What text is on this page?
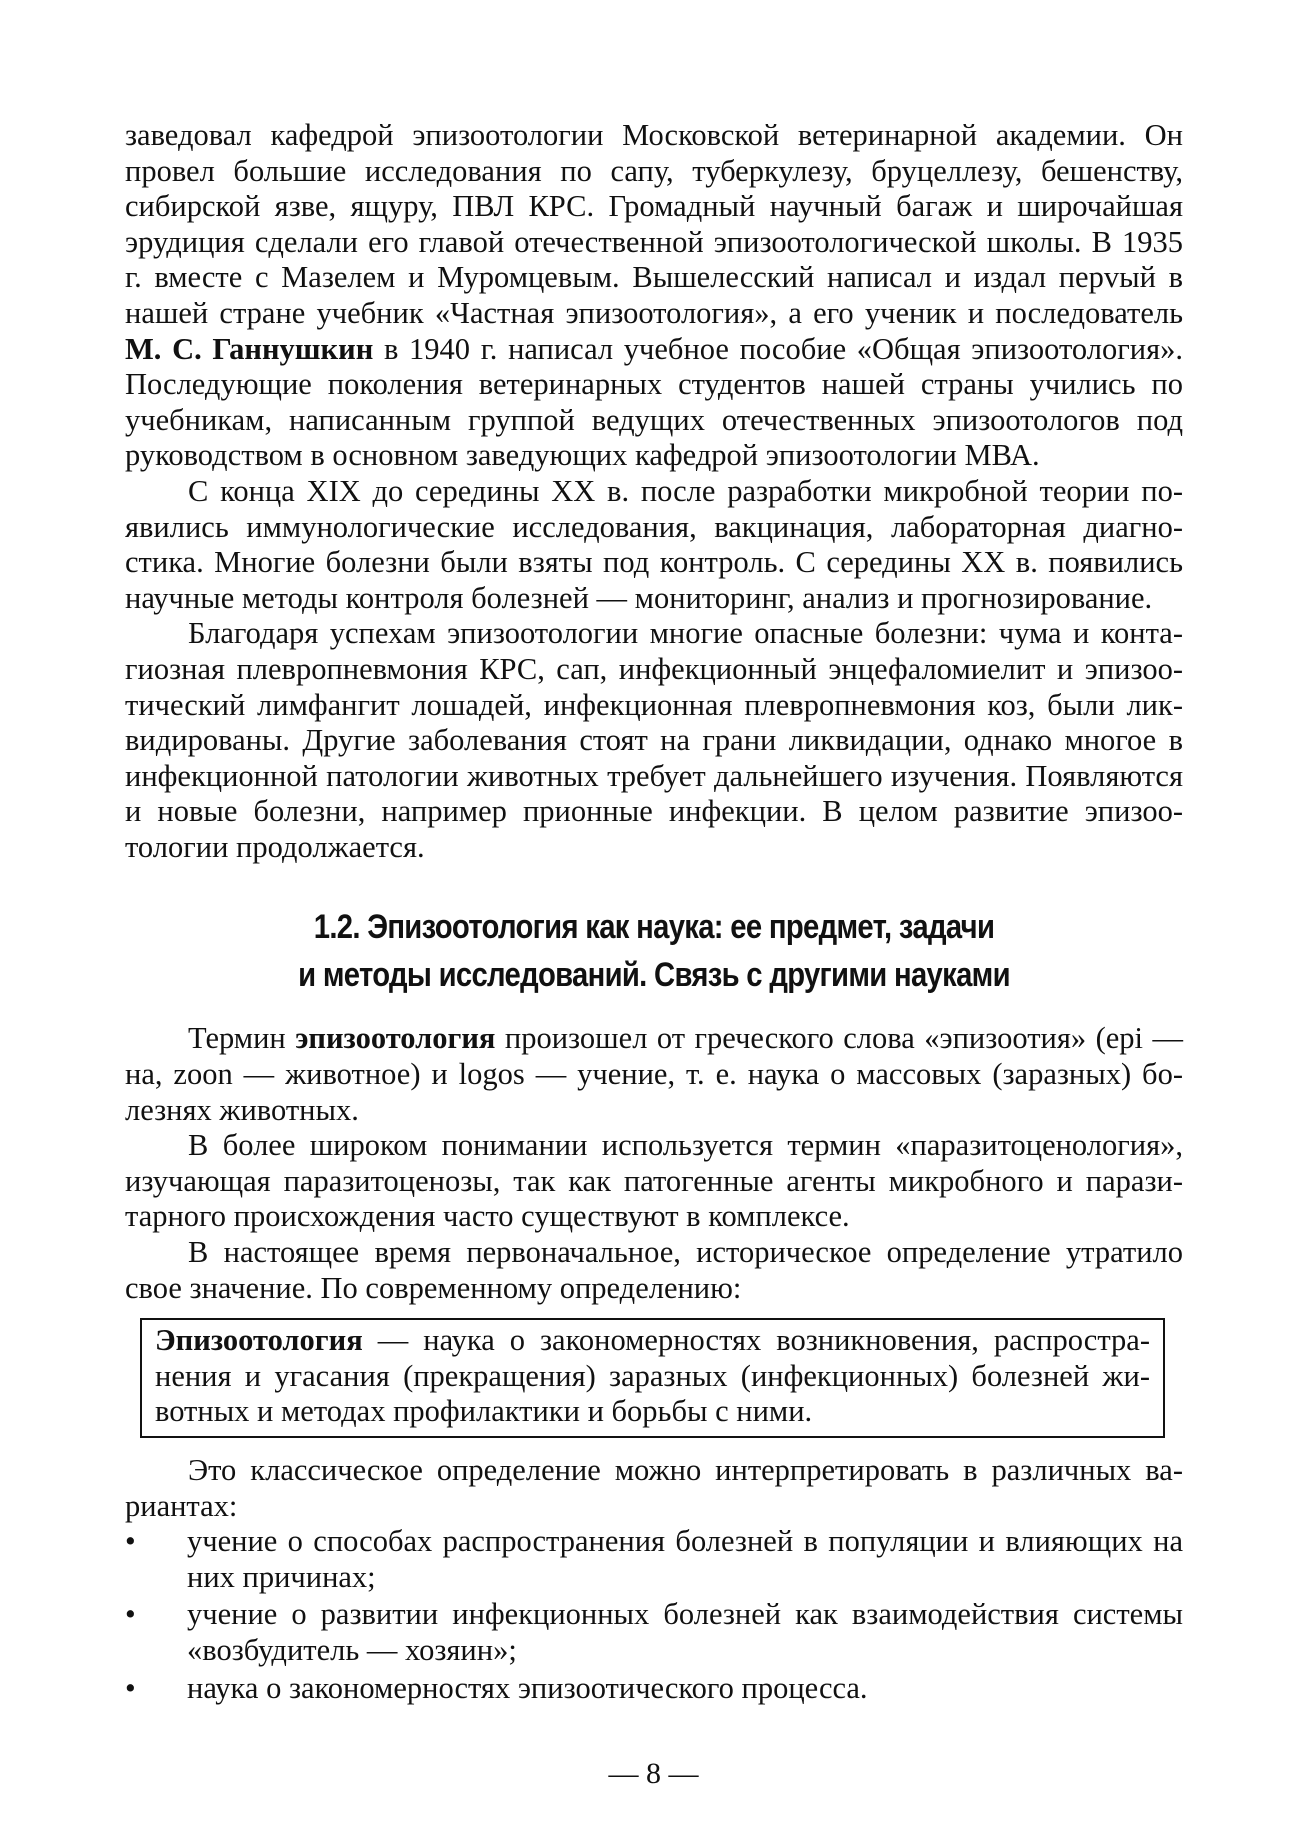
заведовал кафедрой эпизоотологии Московской ветеринарной академии. Он провел большие исследования по сапу, туберкулезу, бруцеллезу, бешенству, сибирской язве, ящуру, ПВЛ КРС. Громадный научный багаж и широчайшая эрудиция сделали его главой отечественной эпизоотологической школы. В 1935 г. вместе с Мазелем и Муромцевым. Вышелесский написал и издал перvый в нашей стране учебник «Частная эпизоотология», а его ученик и последователь М. С. Ганнушкин в 1940 г. написал учебное пособие «Общая эпизоотология». Последующие поколения ветеринарных студентов нашей страны учились по учебникам, написанным группой ведущих отечественных эпизоотологов под руководством в основном заведующих кафедрой эпизоотологии МВА.

С конца XIX до середины XX в. после разработки микробной теории появились иммунологические исследования, вакцинация, лабораторная диагностика. Многие болезни были взяты под контроль. С середины XX в. появились научные методы контроля болезней — мониторинг, анализ и прогнозирование.

Благодаря успехам эпизоотологии многие опасные болезни: чума и контагиозная плевропневмония КРС, сап, инфекционный энцефаломиелит и эпизоотический лимфангит лошадей, инфекционная плевропневмония коз, были ликвидированы. Другие заболевания стоят на грани ликвидации, однако многое в инфекционной патологии животных требует дальнейшего изучения. Появляются и новые болезни, например прионные инфекции. В целом развитие эпизоотологии продолжается.

1.2. Эпизоотология как наука: ее предмет, задачи
и методы исследований. Связь с другими науками

Термин эпизоотология произошел от греческого слова «эпизоотия» (epi — на, zoon — животное) и logos — учение, т. е. наука о массовых (заразных) болезнях животных.

В более широком понимании используется термин «паразитоценология», изучающая паразитоценозы, так как патогенные агенты микробного и паразитарного происхождения часто существуют в комплексе.

В настоящее время первоначальное, историческое определение утратило свое значение. По современному определению:

Эпизоотология — наука о закономерностях возникновения, распространения и угасания (прекращения) заразных (инфекционных) болезней животных и методах профилактики и борьбы с ними.

Это классическое определение можно интерпретировать в различных вариантах:

•	учение о способах распространения болезней в популяции и влияющих на них причинах;
•	учение о развитии инфекционных болезней как взаимодействия системы «возбудитель — хозяин»;
•	наука о закономерностях эпизоотического процесса.
— 8 —
